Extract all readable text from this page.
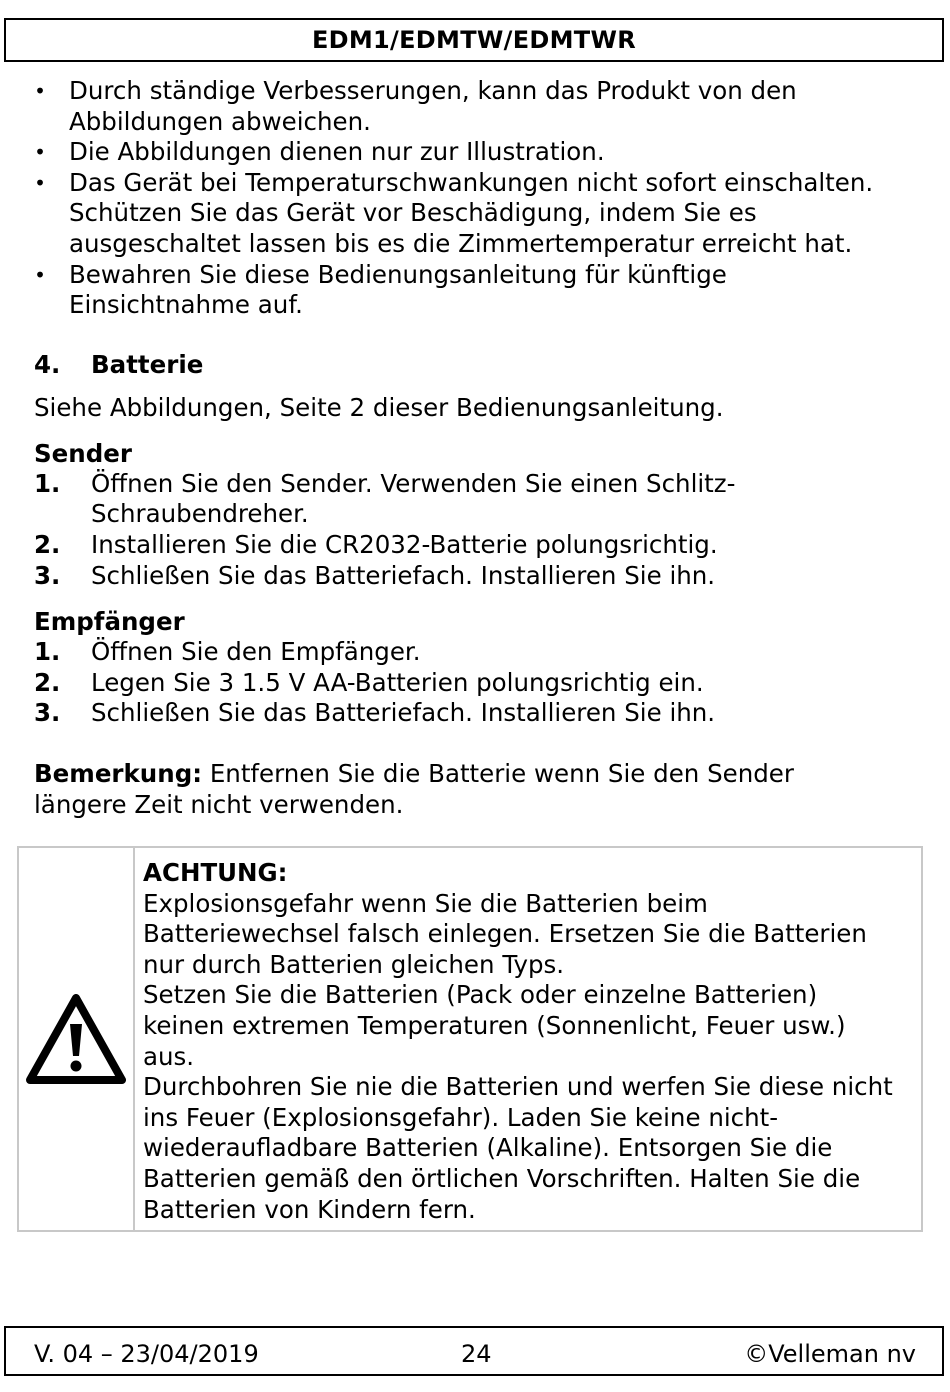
EDM1/EDMTW/EDMTWR
• Durch ständige Verbesserungen, kann das Produkt von den
Abbildungen abweichen.
• Die Abbildungen dienen nur zur Illustration.
• Das Gerät bei Temperaturschwankungen nicht sofort einschalten.
Schützen Sie das Gerät vor Beschädigung, indem Sie es
ausgeschaltet lassen bis es die Zimmertemperatur erreicht hat.
• Bewahren Sie diese Bedienungsanleitung für künftige
Einsichtnahme auf.
4. Batterie
Siehe Abbildungen, Seite 2 dieser Bedienungsanleitung.
Sender
1. Öffnen Sie den Sender. Verwenden Sie einen Schlitz-
Schraubendreher.
2. Installieren Sie die CR2032-Batterie polungsrichtig.
3. Schließen Sie das Batteriefach. Installieren Sie ihn.
Empfänger
1. Öffnen Sie den Empfänger.
2. Legen Sie 3 1.5 V AA-Batterien polungsrichtig ein.
3. Schließen Sie das Batteriefach. Installieren Sie ihn.
Bemerkung: Entfernen Sie die Batterie wenn Sie den Sender
längere Zeit nicht verwenden.
ACHTUNG:
Explosionsgefahr wenn Sie die Batterien beim
Batteriewechsel falsch einlegen. Ersetzen Sie die Batterien
nur durch Batterien gleichen Typs.
Setzen Sie die Batterien (Pack oder einzelne Batterien)
keinen extremen Temperaturen (Sonnenlicht, Feuer usw.)
aus.
Durchbohren Sie nie die Batterien und werfen Sie diese nicht
ins Feuer (Explosionsgefahr). Laden Sie keine nicht-
wiederaufladbare Batterien (Alkaline). Entsorgen Sie die
Batterien gemäß den örtlichen Vorschriften. Halten Sie die
Batterien von Kindern fern.
V. 04 – 23/04/2019	24	©Velleman nv
